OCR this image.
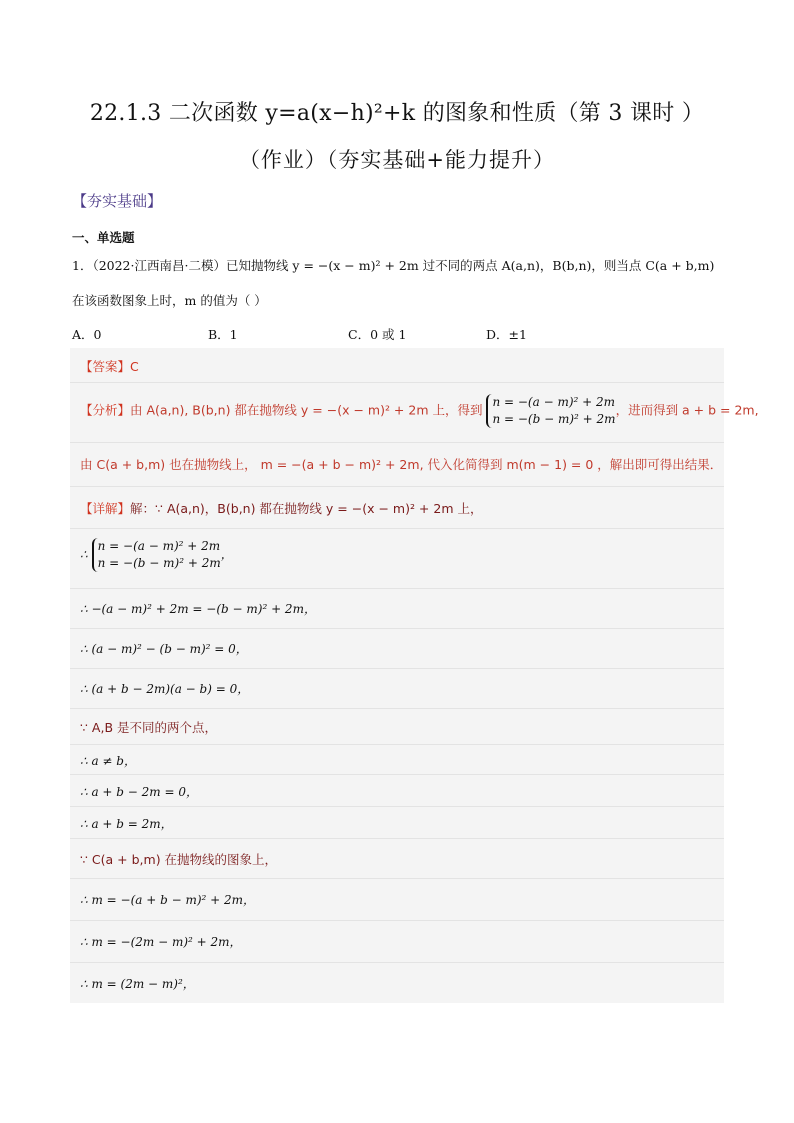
22.1.3 二次函数 y=a(x−h)²+k 的图象和性质（第 3 课时 ）
（作业）（夯实基础+能力提升）
【夯实基础】
一、单选题
1．（2022·江西南昌·二模）已知抛物线 y = −(x − m)² + 2m 过不同的两点 A(a,n)，B(b,n)，则当点 C(a + b,m)
在该函数图象上时，m 的值为（ ）
A．0	B．1	C．0 或 1	D．±1
【答案】C
【分析】由 A(a,n), B(b,n) 都在抛物线 y = −(x − m)² + 2m 上，得到
n = −(a − m)² + 2m
n = −(b − m)² + 2m
，进而得到 a + b = 2m,
由 C(a + b,m) 也在抛物线上， m = −(a + b − m)² + 2m, 代入化简得到 m(m − 1) = 0 ，解出即可得出结果．
【详解】解：∵ A(a,n)，B(b,n) 都在抛物线 y = −(x − m)² + 2m 上，
∴
n = −(a − m)² + 2m
n = −(b − m)² + 2m
，
∴ −(a − m)² + 2m = −(b − m)² + 2m，
∴ (a − m)² − (b − m)² = 0，
∴ (a + b − 2m)(a − b) = 0，
∵ A,B 是不同的两个点，
∴ a ≠ b，
∴ a + b − 2m = 0，
∴ a + b = 2m，
∵ C(a + b,m) 在抛物线的图象上，
∴ m = −(a + b − m)² + 2m，
∴ m = −(2m − m)² + 2m，
∴ m = (2m − m)²，
